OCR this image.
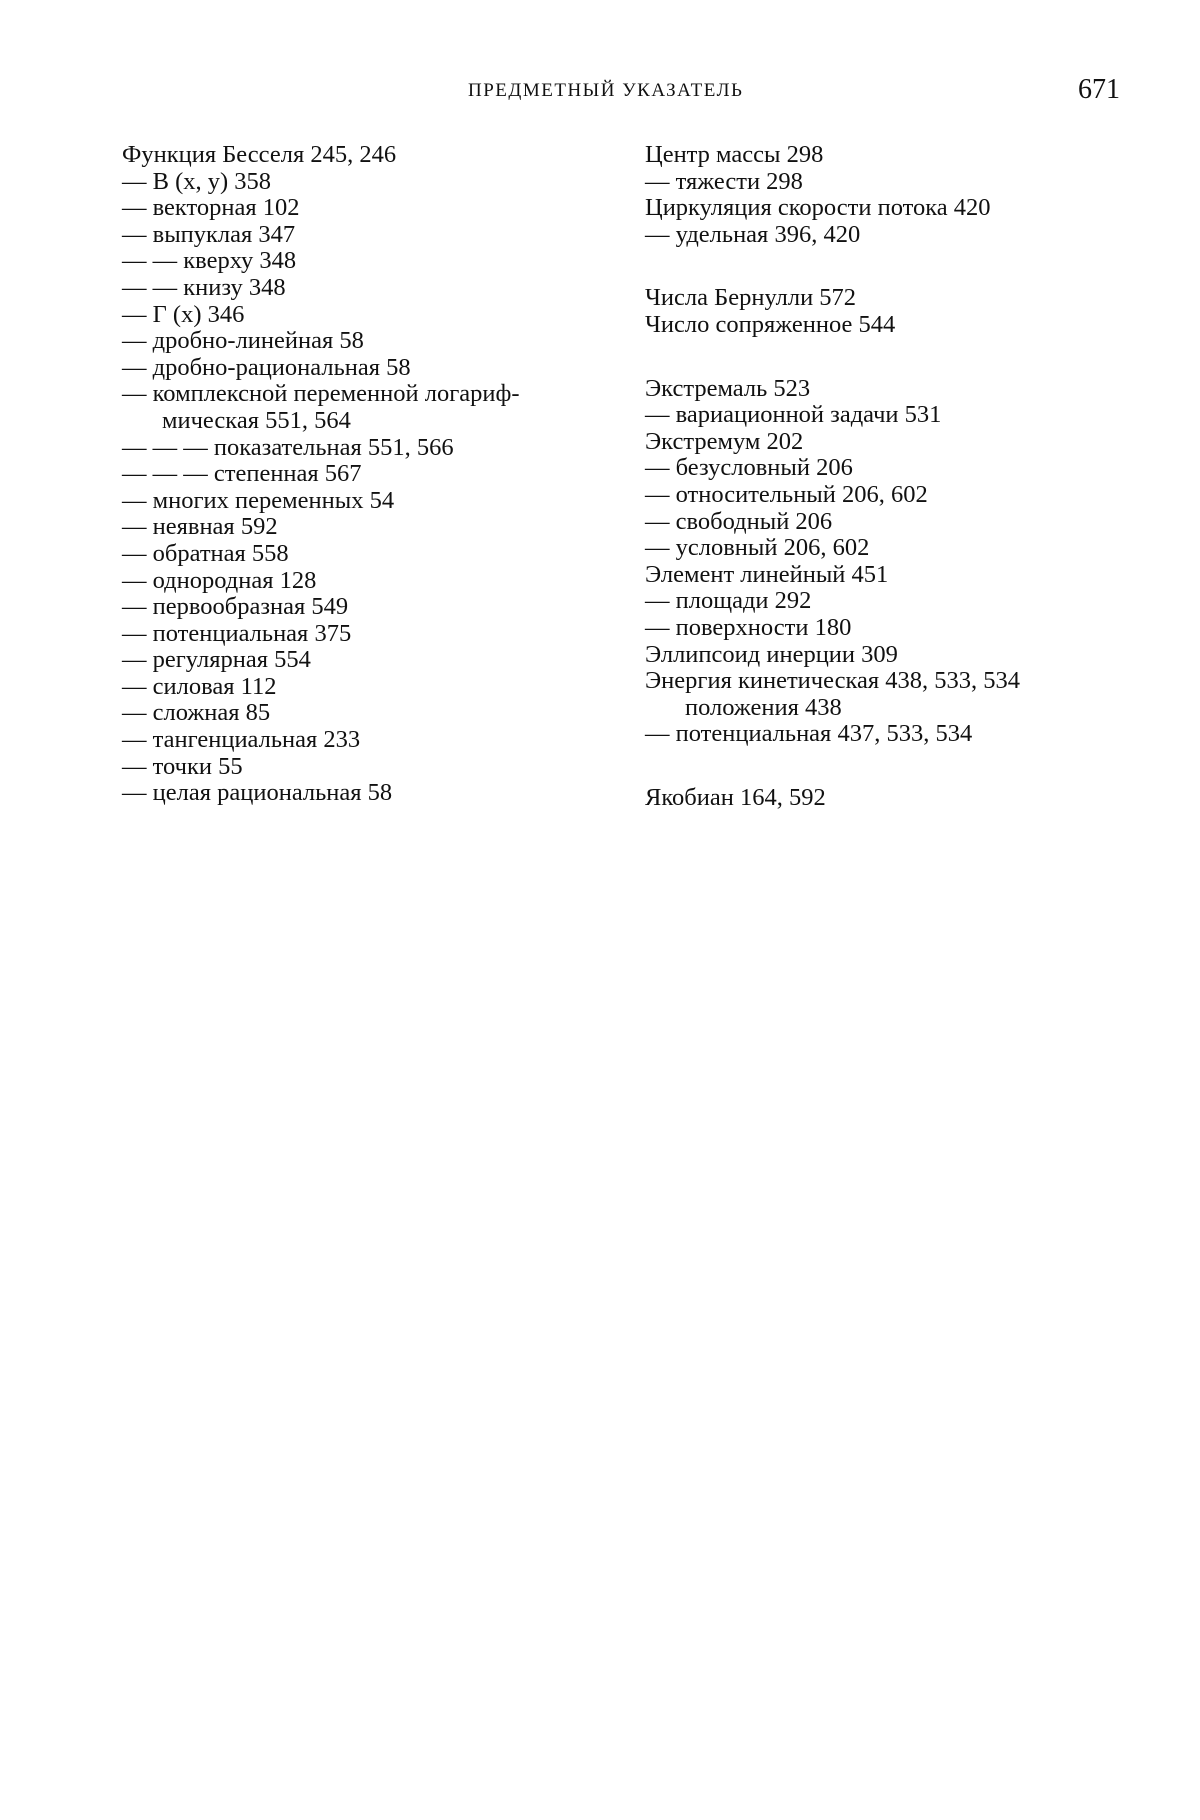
ПРЕДМЕТНЫЙ УКАЗАТЕЛЬ	671
Функция Бесселя 245, 246
— B (x, y) 358
— векторная 102
— выпуклая 347
— — кверху 348
— — книзу 348
— Γ (x) 346
— дробно-линейная 58
— дробно-рациональная 58
— комплексной переменной логариф-
мическая 551, 564
— — — показательная 551, 566
— — — степенная 567
— многих переменных 54
— неявная 592
— обратная 558
— однородная 128
— первообразная 549
— потенциальная 375
— регулярная 554
— силовая 112
— сложная 85
— тангенциальная 233
— точки 55
— целая рациональная 58
Центр массы 298
— тяжести 298
Циркуляция скорости потока 420
— удельная 396, 420
Числа Бернулли 572
Число сопряженное 544
Экстремаль 523
— вариационной задачи 531
Экстремум 202
— безусловный 206
— относительный 206, 602
— свободный 206
— условный 206, 602
Элемент линейный 451
— площади 292
— поверхности 180
Эллипсоид инерции 309
Энергия кинетическая 438, 533, 534
положения 438
— потенциальная 437, 533, 534
Якобиан 164, 592
